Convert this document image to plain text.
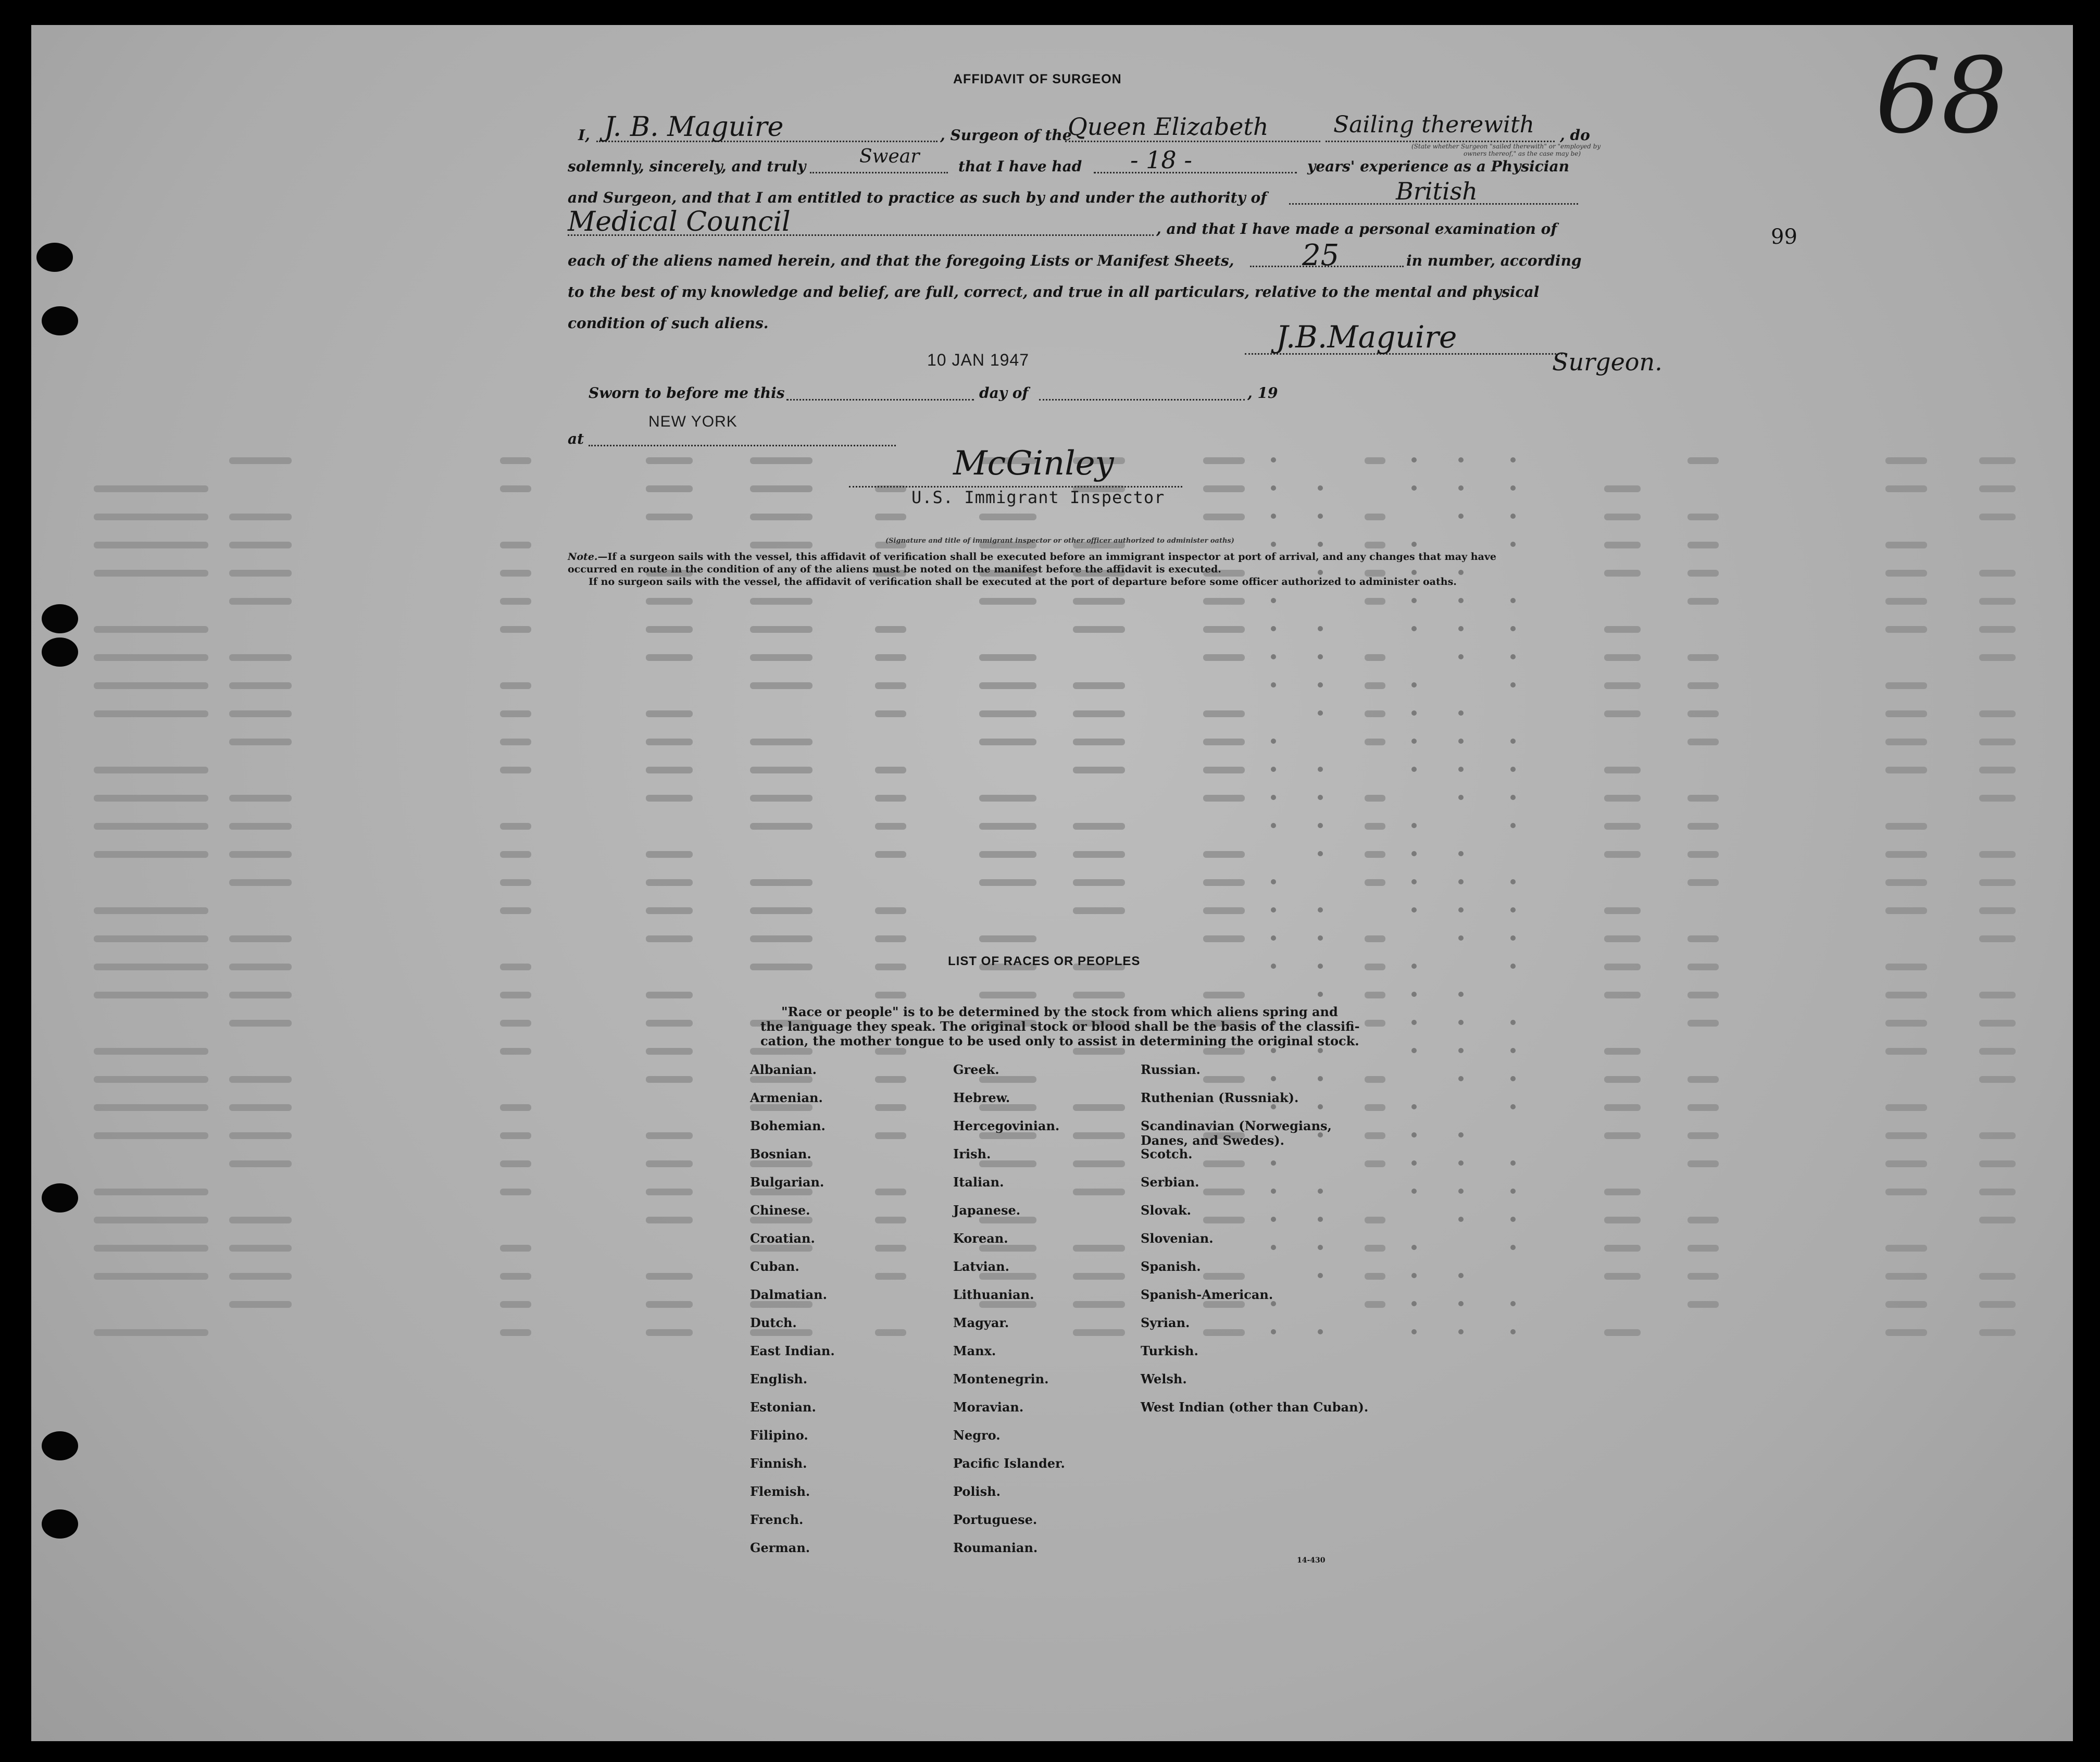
68
99
AFFIDAVIT OF SURGEON
I, J. B. Maguire	, Surgeon of the
Queen Elizabeth	Sailing therewith
(State whether Surgeon "sailed therewith" or "employed by
owners thereof," as the case may be)
, do
solemnly, sincerely, and truly	Swear	that I have had - 18 -	years' experience as a Physician
and Surgeon, and that I am entitled to practice as such by and under the authority of	British
Medical Council	, and that I have made a personal examination of
each of the aliens named herein, and that the foregoing Lists or Manifest Sheets, 25	in number, according
to the best of my knowledge and belief, are full, correct, and true in all particulars, relative to the mental and physical
condition of such aliens.	J.B.Maguire
Surgeon.
10 JAN 1947
Sworn to before me this	day of	, 19
NEW YORK
at
McGinley
U.S. Immigrant Inspector
(Signature and title of immigrant inspector or other officer authorized to administer oaths)
Note.—If a surgeon sails with the vessel, this affidavit of verification shall be executed before an immigrant inspector at port of arrival, and any changes that may have
occurred en route in the condition of any of the aliens must be noted on the manifest before the affidavit is executed.
If no surgeon sails with the vessel, the affidavit of verification shall be executed at the port of departure before some officer authorized to administer oaths.
LIST OF RACES OR PEOPLES
"Race or people" is to be determined by the stock from which aliens spring and
the language they speak. The original stock or blood shall be the basis of the classifi-
cation, the mother tongue to be used only to assist in determining the original stock.
Albanian.
Armenian.
Bohemian.
Bosnian.
Bulgarian.
Chinese.
Croatian.
Cuban.
Dalmatian.
Dutch.
East Indian.
English.
Estonian.
Filipino.
Finnish.
Flemish.
French.
German.
Greek.
Hebrew.
Hercegovinian.
Irish.
Italian.
Japanese.
Korean.
Latvian.
Lithuanian.
Magyar.
Manx.
Montenegrin.
Moravian.
Negro.
Pacific Islander.
Polish.
Portuguese.
Roumanian.
Russian.
Ruthenian (Russniak).
Scandinavian (Norwegians, Danes, and Swedes).
Scotch.
Serbian.
Slovak.
Slovenian.
Spanish.
Spanish-American.
Syrian.
Turkish.
Welsh.
West Indian (other than Cuban).
14-430
